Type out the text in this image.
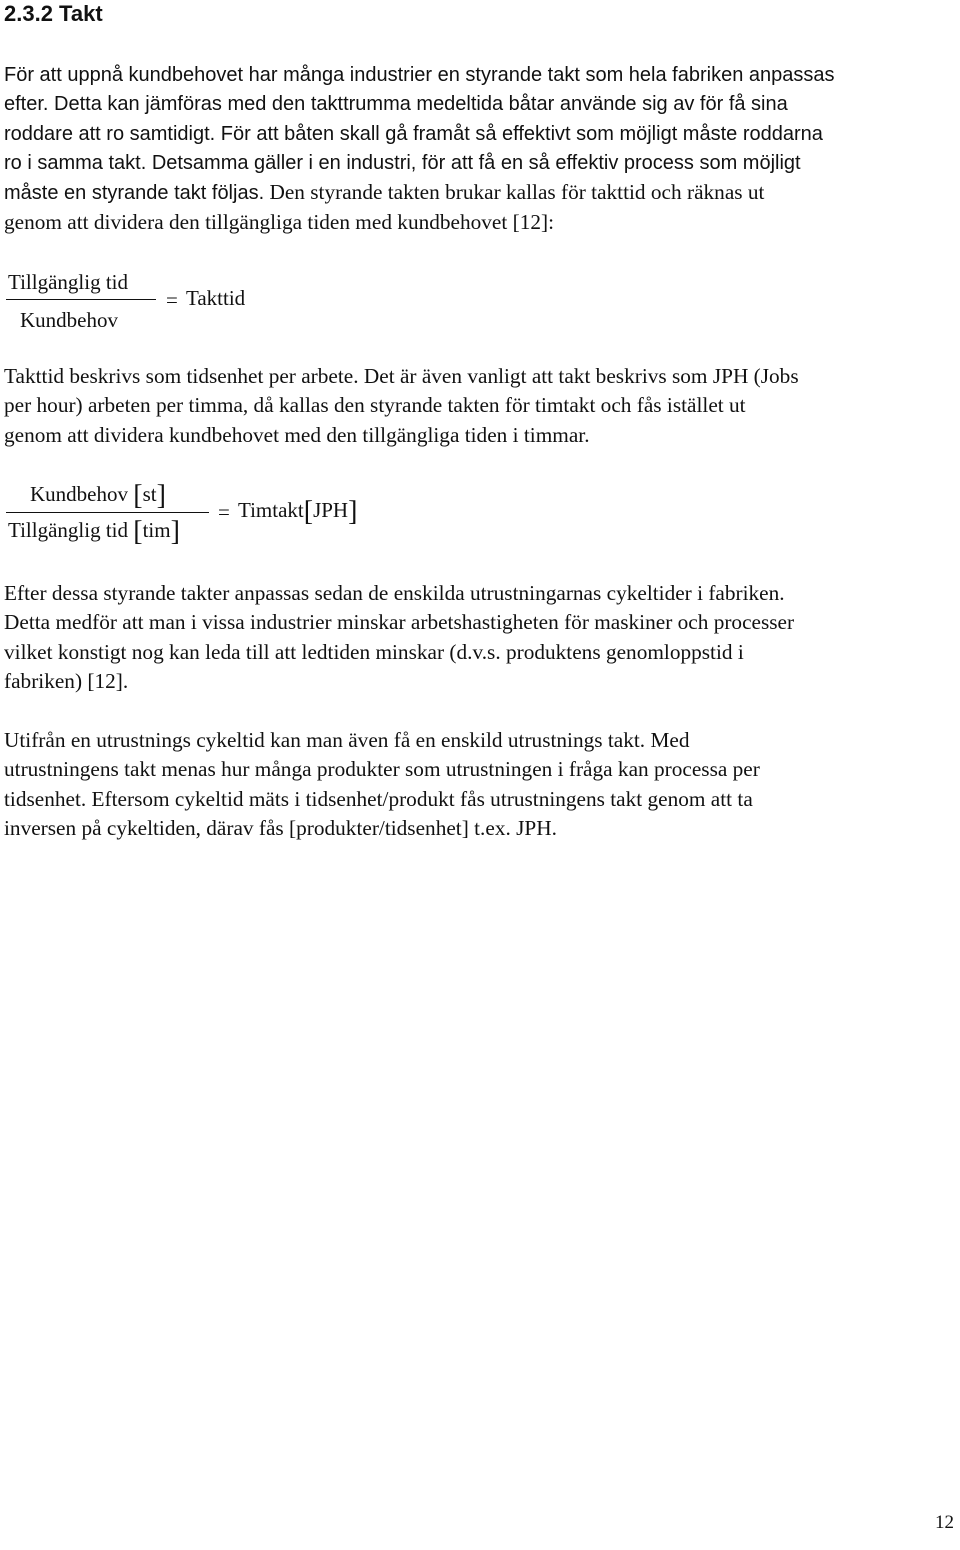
2.3.2 Takt

För att uppnå kundbehovet har många industrier en styrande takt som hela fabriken anpassas
efter. Detta kan jämföras med den takttrumma medeltida båtar använde sig av för få sina
roddare att ro samtidigt. För att båten skall gå framåt så effektivt som möjligt måste roddarna
ro i samma takt. Detsamma gäller i en industri, för att få en så effektiv process som möjligt
måste en styrande takt följas. Den styrande takten brukar kallas för takttid och räknas ut
genom att dividera den tillgängliga tiden med kundbehovet [12]:

Tillgänglig tid
Kundbehov
= Takttid

Takttid beskrivs som tidsenhet per arbete. Det är även vanligt att takt beskrivs som JPH (Jobs
per hour) arbeten per timma, då kallas den styrande takten för timtakt och fås istället ut
genom att dividera kundbehovet med den tillgängliga tiden i timmar.

Kundbehov [st]
Tillgänglig tid [tim]
= Timtakt[JPH]

Efter dessa styrande takter anpassas sedan de enskilda utrustningarnas cykeltider i fabriken.
Detta medför att man i vissa industrier minskar arbetshastigheten för maskiner och processer
vilket konstigt nog kan leda till att ledtiden minskar (d.v.s. produktens genomloppstid i
fabriken) [12].

Utifrån en utrustnings cykeltid kan man även få en enskild utrustnings takt. Med
utrustningens takt menas hur många produkter som utrustningen i fråga kan processa per
tidsenhet. Eftersom cykeltid mäts i tidsenhet/produkt fås utrustningens takt genom att ta
inversen på cykeltiden, därav fås [produkter/tidsenhet] t.ex. JPH.

12
